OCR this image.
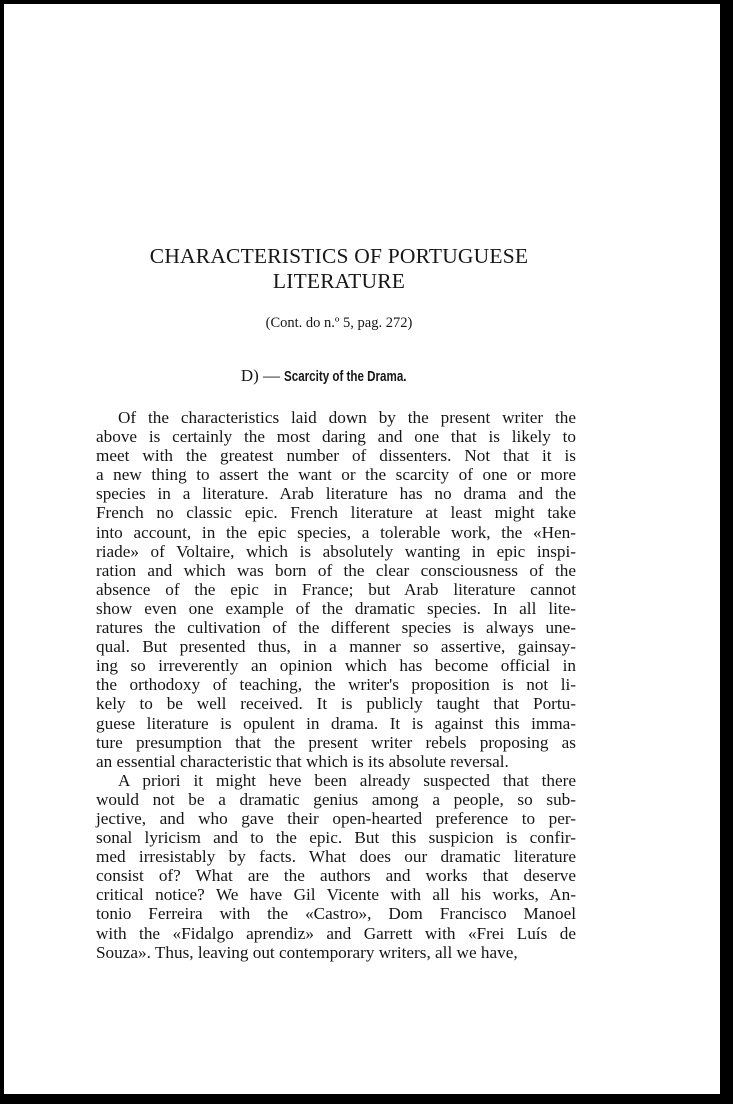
CHARACTERISTICS OF PORTUGUESE
LITERATURE
(Cont. do n.º 5, pag. 272)
D) — Scarcity of the Drama.
Of the characteristics laid down by the present writer the
above is certainly the most daring and one that is likely to
meet with the greatest number of dissenters. Not that it is
a new thing to assert the want or the scarcity of one or more
species in a literature. Arab literature has no drama and the
French no classic epic. French literature at least might take
into account, in the epic species, a tolerable work, the «Hen-
riade» of Voltaire, which is absolutely wanting in epic inspi-
ration and which was born of the clear consciousness of the
absence of the epic in France; but Arab literature cannot
show even one example of the dramatic species. In all lite-
ratures the cultivation of the different species is always une-
qual. But presented thus, in a manner so assertive, gainsay-
ing so irreverently an opinion which has become official in
the orthodoxy of teaching, the writer's proposition is not li-
kely to be well received. It is publicly taught that Portu-
guese literature is opulent in drama. It is against this imma-
ture presumption that the present writer rebels proposing as
an essential characteristic that which is its absolute reversal.
A priori it might heve been already suspected that there
would not be a dramatic genius among a people, so sub-
jective, and who gave their open-hearted preference to per-
sonal lyricism and to the epic. But this suspicion is confir-
med irresistably by facts. What does our dramatic literature
consist of? What are the authors and works that deserve
critical notice? We have Gil Vicente with all his works, An-
tonio Ferreira with the «Castro», Dom Francisco Manoel
with the «Fidalgo aprendiz» and Garrett with «Frei Luís de
Souza». Thus, leaving out contemporary writers, all we have,
